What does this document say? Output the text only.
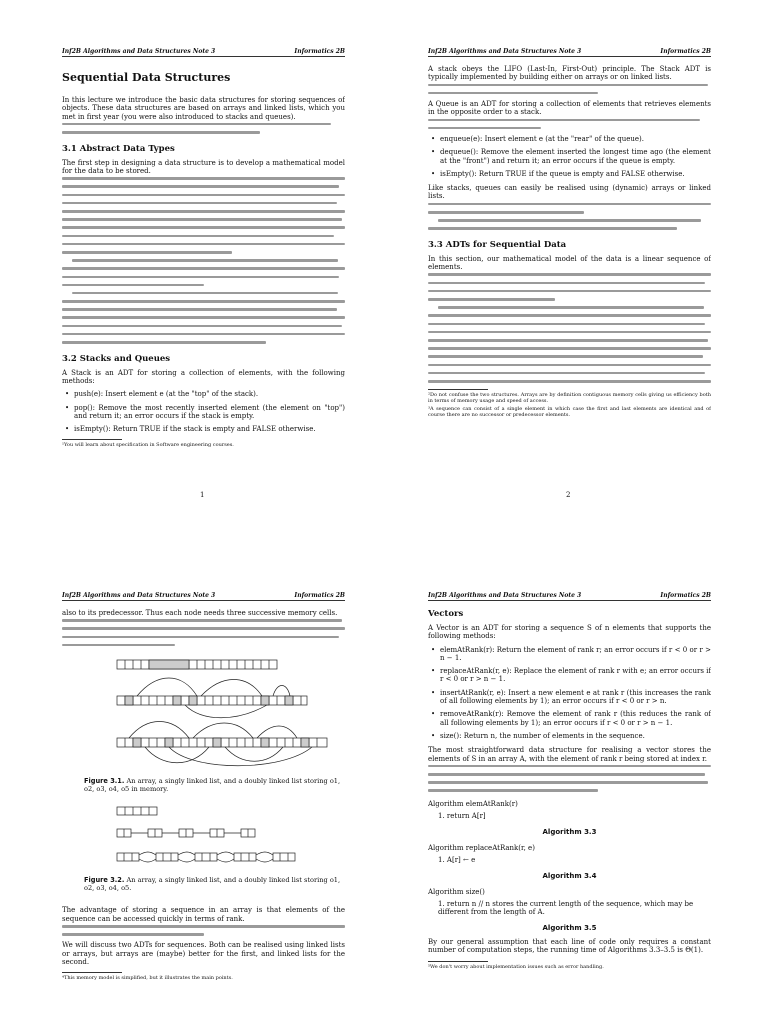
Inf2B Algorithms and Data Structures Note 3	Informatics 2B
Sequential Data Structures

In this lecture we introduce the basic data structures for storing sequences of objects. These data structures are based on arrays and linked lists, which you met in first year (you were also introduced to stacks and queues).

3.1 Abstract Data Types

The first step in designing a data structure is to develop a mathematical model for the data to be stored.

3.2 Stacks and Queues

A Stack is an ADT for storing a collection of elements, with the following methods:

• push(e): Insert element e (at the "top" of the stack).
• pop(): Remove the most recently inserted element (the element on "top") and return it; an error occurs if the stack is empty.
• isEmpty(): Return TRUE if the stack is empty and FALSE otherwise.

¹You will learn about specification in Software engineering courses.

1
Inf2B Algorithms and Data Structures Note 3	Informatics 2B

A stack obeys the LIFO (Last-In, First-Out) principle. The Stack ADT is typically implemented by building either on arrays or on linked lists.

A Queue is an ADT for storing a collection of elements that retrieves elements in the opposite order to a stack.

• enqueue(e): Insert element e (at the "rear" of the queue).
• dequeue(): Remove the element inserted the longest time ago (the element at the "front") and return it; an error occurs if the queue is empty.
• isEmpty(): Return TRUE if the queue is empty and FALSE otherwise.

Like stacks, queues can easily be realised using (dynamic) arrays or linked lists.

3.3 ADTs for Sequential Data

In this section, our mathematical model of the data is a linear sequence of elements.

²Do not confuse the two structures. Arrays are by definition contiguous memory cells giving us efficiency both in terms of memory usage and speed of access.

³A sequence can consist of a single element in which case the first and last elements are identical and of course there are no successor or predecessor elements.

2
Inf2B Algorithms and Data Structures Note 3	Informatics 2B

also to its predecessor. Thus each node needs three successive memory cells.

Figure 3.1. An array, a singly linked list, and a doubly linked list storing o1, o2, o3, o4, o5 in memory.
Figure 3.2. An array, a singly linked list, and a doubly linked list storing o1, o2, o3, o4, o5.

The advantage of storing a sequence in an array is that elements of the sequence can be accessed quickly in terms of rank.

We will discuss two ADTs for sequences. Both can be realised using linked lists or arrays, but arrays are (maybe) better for the first, and linked lists for the second.

⁴This memory model is simplified, but it illustrates the main points.

Inf2B Algorithms and Data Structures Note 3	Informatics 2B
Vectors

A Vector is an ADT for storing a sequence S of n elements that supports the following methods:

• elemAtRank(r): Return the element of rank r; an error occurs if r < 0 or r > n − 1.
• replaceAtRank(r, e): Replace the element of rank r with e; an error occurs if r < 0 or r > n − 1.
• insertAtRank(r, e): Insert a new element e at rank r (this increases the rank of all following elements by 1); an error occurs if r < 0 or r > n.
• removeAtRank(r): Remove the element of rank r (this reduces the rank of all following elements by 1); an error occurs if r < 0 or r > n − 1.
• size(): Return n, the number of elements in the sequence.

The most straightforward data structure for realising a vector stores the elements of S in an array A, with the element of rank r being stored at index r.

Algorithm elemAtRank(r)
1. return A[r]
Algorithm 3.3
Algorithm replaceAtRank(r, e)
1. A[r] ← e
Algorithm 3.4
Algorithm size()
1. return n // n stores the current length of the sequence, which may be different from the length of A.
Algorithm 3.5

By our general assumption that each line of code only requires a constant number of computation steps, the running time of Algorithms 3.3–3.5 is Θ(1).

⁵We don't worry about implementation issues such as error handling.
